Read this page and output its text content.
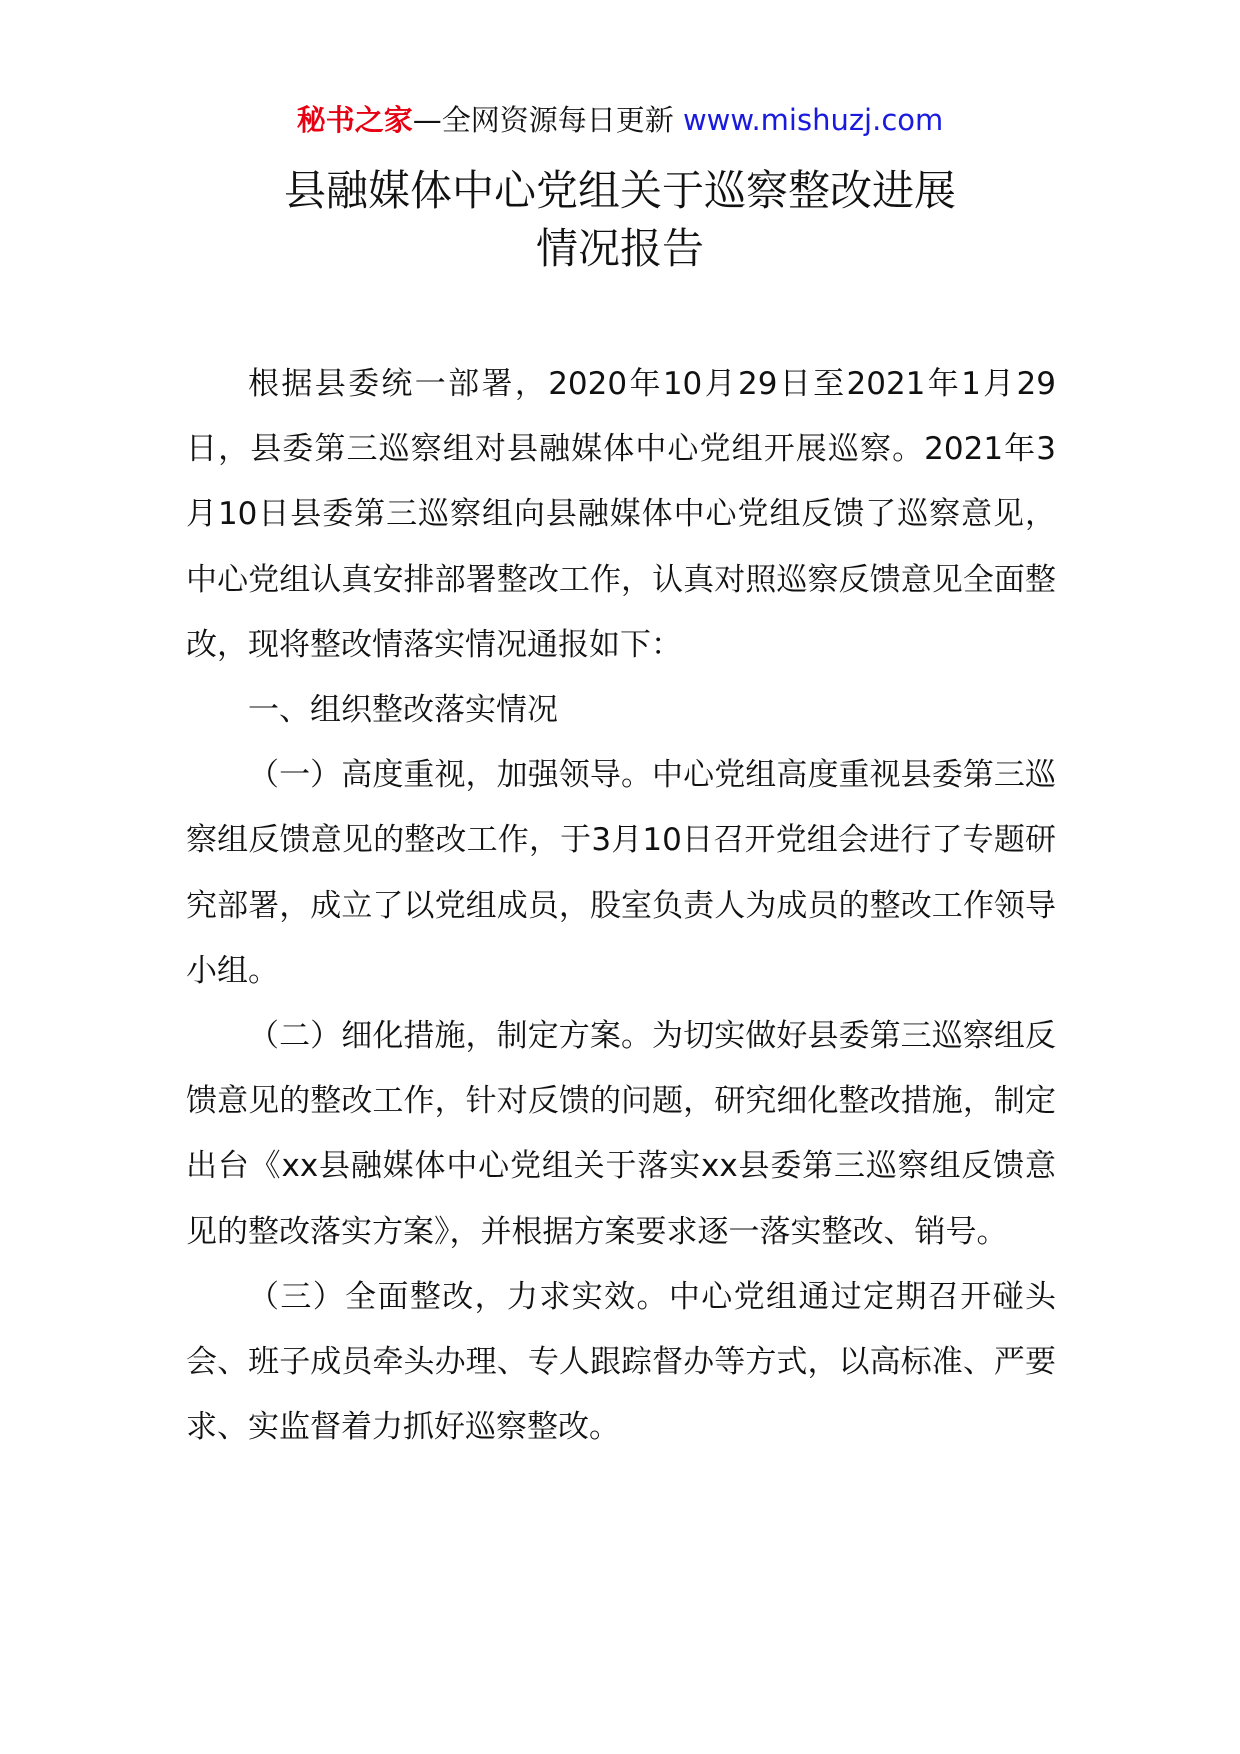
秘书之家—全网资源每日更新 www.mishuzj.com
县融媒体中心党组关于巡察整改进展
情况报告

根据县委统一部署，2020年10月29日至2021年1月29日，县委第三巡察组对县融媒体中心党组开展巡察。2021年3月10日县委第三巡察组向县融媒体中心党组反馈了巡察意见，中心党组认真安排部署整改工作，认真对照巡察反馈意见全面整改，现将整改情落实情况通报如下：

一、组织整改落实情况

（一）高度重视，加强领导。中心党组高度重视县委第三巡察组反馈意见的整改工作，于3月10日召开党组会进行了专题研究部署，成立了以党组成员，股室负责人为成员的整改工作领导小组。

（二）细化措施，制定方案。为切实做好县委第三巡察组反馈意见的整改工作，针对反馈的问题，研究细化整改措施，制定出台《xx县融媒体中心党组关于落实xx县委第三巡察组反馈意见的整改落实方案》，并根据方案要求逐一落实整改、销号。

（三）全面整改，力求实效。中心党组通过定期召开碰头会、班子成员牵头办理、专人跟踪督办等方式，以高标准、严要求、实监督着力抓好巡察整改。
